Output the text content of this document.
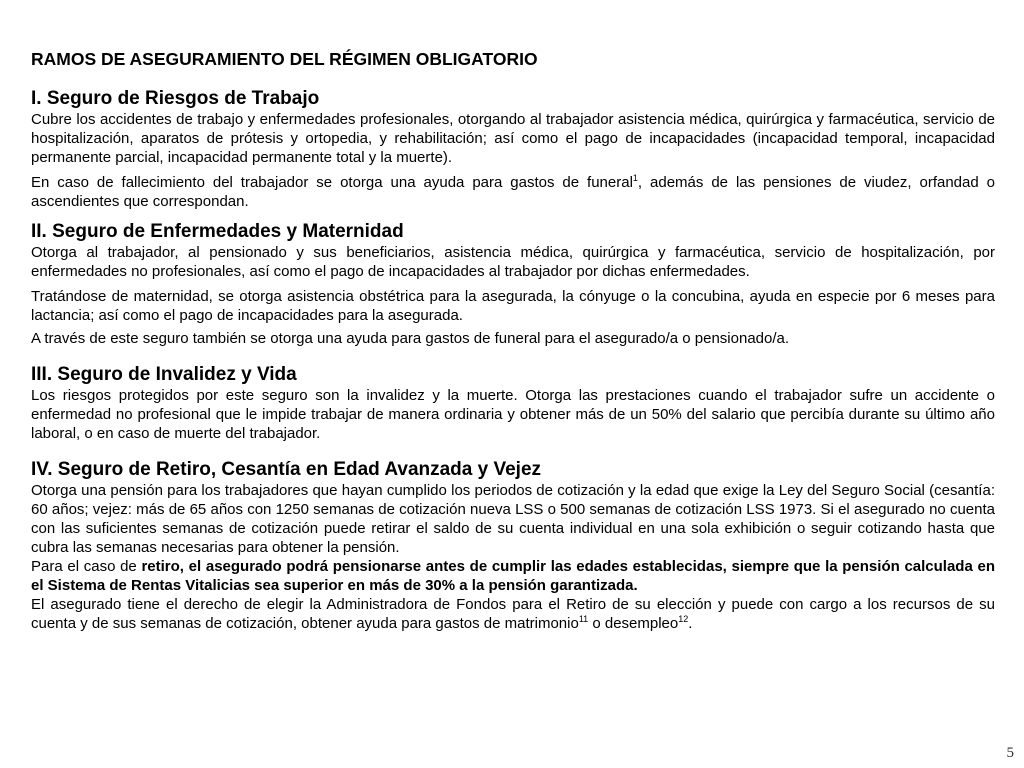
RAMOS DE ASEGURAMIENTO DEL RÉGIMEN OBLIGATORIO
I. Seguro de Riesgos de Trabajo

Cubre los accidentes de trabajo y enfermedades profesionales, otorgando al trabajador asistencia médica, quirúrgica y farmacéutica, servicio de hospitalización, aparatos de prótesis y ortopedia, y rehabilitación; así como el pago de incapacidades (incapacidad temporal, incapacidad permanente parcial, incapacidad permanente total y la muerte).

En caso de fallecimiento del trabajador se otorga una ayuda para gastos de funeral$^1$, además de las pensiones de viudez, orfandad o ascendientes que correspondan.

II. Seguro de Enfermedades y Maternidad

Otorga al trabajador, al pensionado y sus beneficiarios, asistencia médica, quirúrgica y farmacéutica, servicio de hospitalización, por enfermedades no profesionales, así como el pago de incapacidades al trabajador por dichas enfermedades.

Tratándose de maternidad, se otorga asistencia obstétrica para la asegurada, la cónyuge o la concubina, ayuda en especie por 6 meses para lactancia; así como el pago de incapacidades para la asegurada.

A través de este seguro también se otorga una ayuda para gastos de funeral para el asegurado/a o pensionado/a.

III. Seguro de Invalidez y Vida

Los riesgos protegidos por este seguro son la invalidez y la muerte. Otorga las prestaciones cuando el trabajador sufre un accidente o enfermedad no profesional que le impide trabajar de manera ordinaria y obtener más de un 50% del salario que percibía durante su último año laboral, o en caso de muerte del trabajador.

IV. Seguro de Retiro, Cesantía en Edad Avanzada y Vejez

Otorga una pensión para los trabajadores que hayan cumplido los periodos de cotización y la edad que exige la Ley del Seguro Social (cesantía: 60 años; vejez: más de 65 años con 1250 semanas de cotización nueva LSS o 500 semanas de cotización LSS 1973. Si el asegurado no cuenta con las suficientes semanas de cotización puede retirar el saldo de su cuenta individual en una sola exhibición o seguir cotizando hasta que cubra las semanas necesarias para obtener la pensión.

Para el caso de retiro, el asegurado podrá pensionarse antes de cumplir las edades establecidas, siempre que la pensión calculada en el Sistema de Rentas Vitalicias sea superior en más de 30% a la pensión garantizada.

El asegurado tiene el derecho de elegir la Administradora de Fondos para el Retiro de su elección y puede con cargo a los recursos de su cuenta y de sus semanas de cotización, obtener ayuda para gastos de matrimonio$^{11}$ o desempleo$^{12}$.

5
